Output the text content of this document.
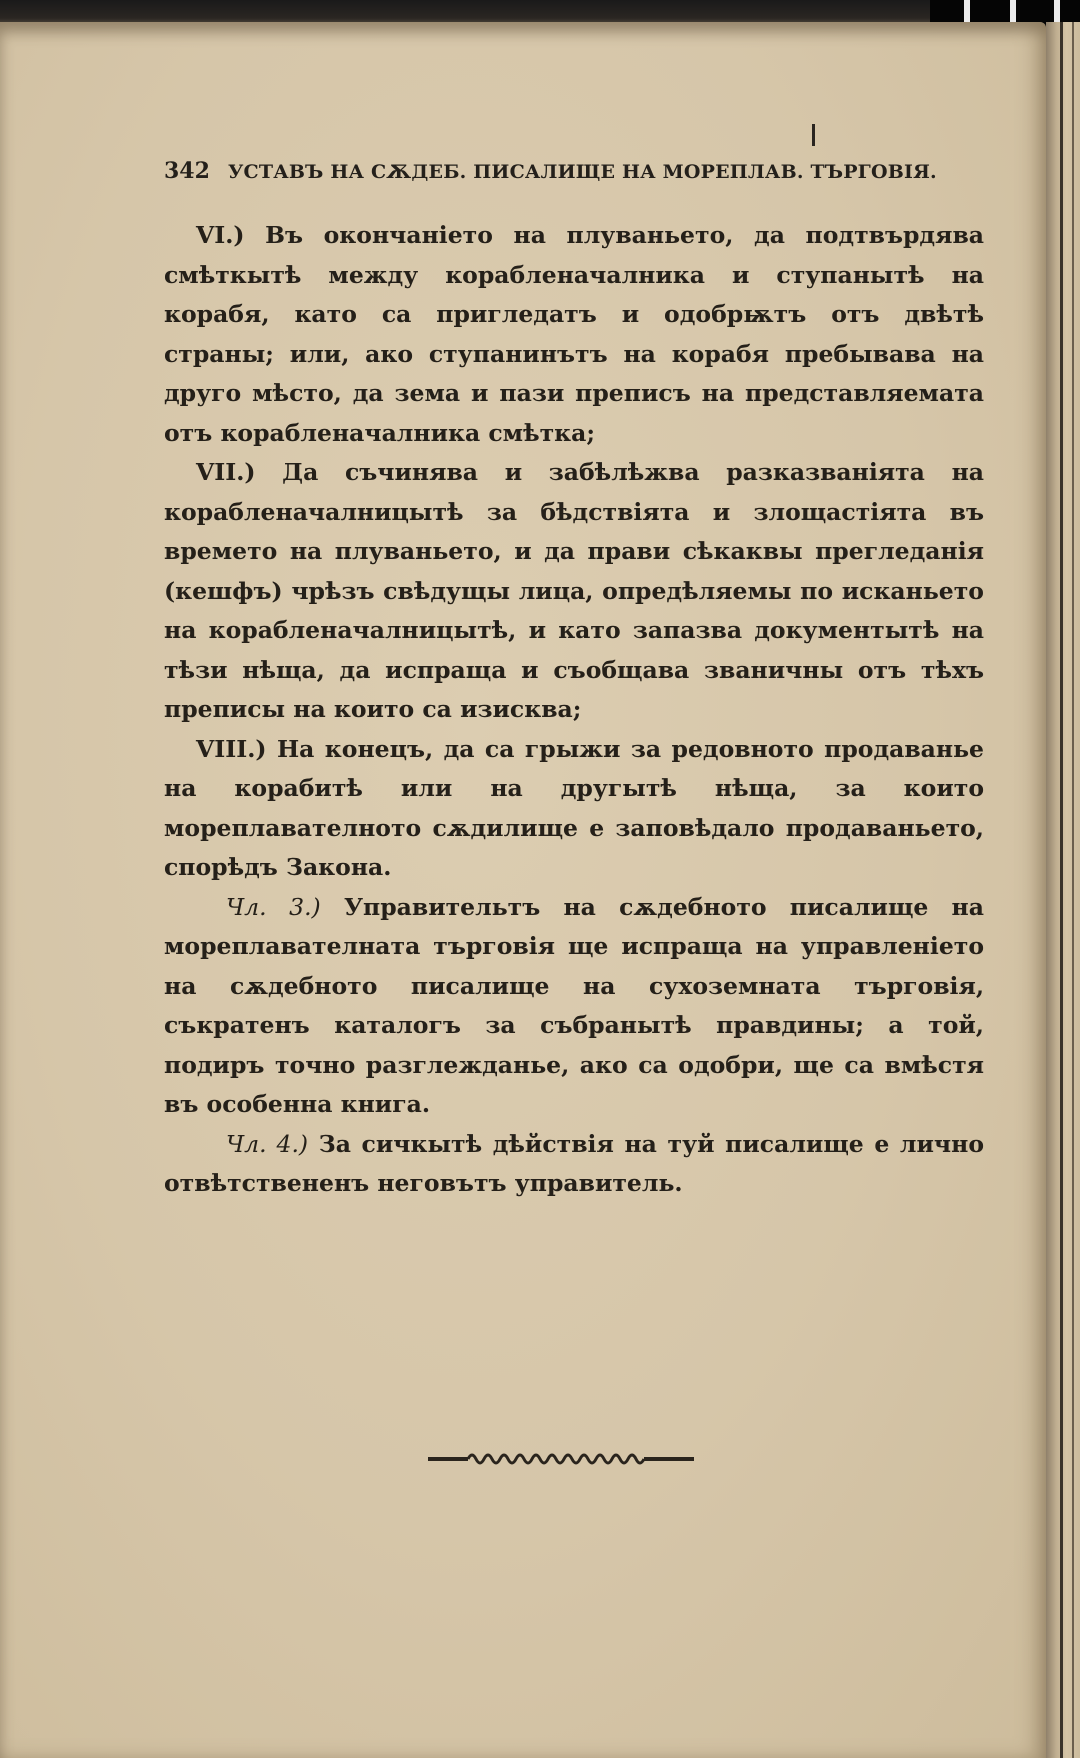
342 УСТАВЪ НА СѪДЕБ. ПИСАЛИЩЕ НА МОРЕПЛАВ. ТЪРГОВІЯ.

VI.) Въ окончаніето на плуваньето, да подтвърдява смѣткытѣ между корабленачалника и ступанытѣ на корабя, като са пригледатъ и одобрѭтъ отъ двѣтѣ страны; или, ако ступанинътъ на корабя пребывава на друго мѣсто, да зема и пази преписъ на представляемата отъ корабленачалника смѣтка;

VII.) Да съчинява и забѣлѣжва разказванiята на корабленачалницытѣ за бѣдствiята и злощастiята въ времето на плуваньето, и да прави сѣкаквы прегледанiя (кешфъ) чрѣзъ свѣдущы лица, опредѣляемы по исканьето на корабленачалницытѣ, и като запазва документытѣ на тѣзи нѣща, да испраща и съобщава званичны отъ тѣхъ преписы на които са изисква;

VIII.) На конецъ, да са грыжи за редовното продаванье на корабитѣ или на другытѣ нѣща, за които мореплавателното сѫдилище е заповѣдало продаваньето, спорѣдъ Закона.

Чл. 3.) Управительтъ на сѫдебното писалище на мореплавателната търговiя ще испраща на управленiето на сѫдебното писалище на сухоземната търговiя, съкратенъ каталогъ за събранытѣ правдины; а той, подиръ точно разглежданье, ако са одобри, ще са вмѣстя въ особенна книга.

Чл. 4.) За сичкытѣ дѣйствiя на туй писалище е лично отвѣтствененъ неговътъ управитель.
